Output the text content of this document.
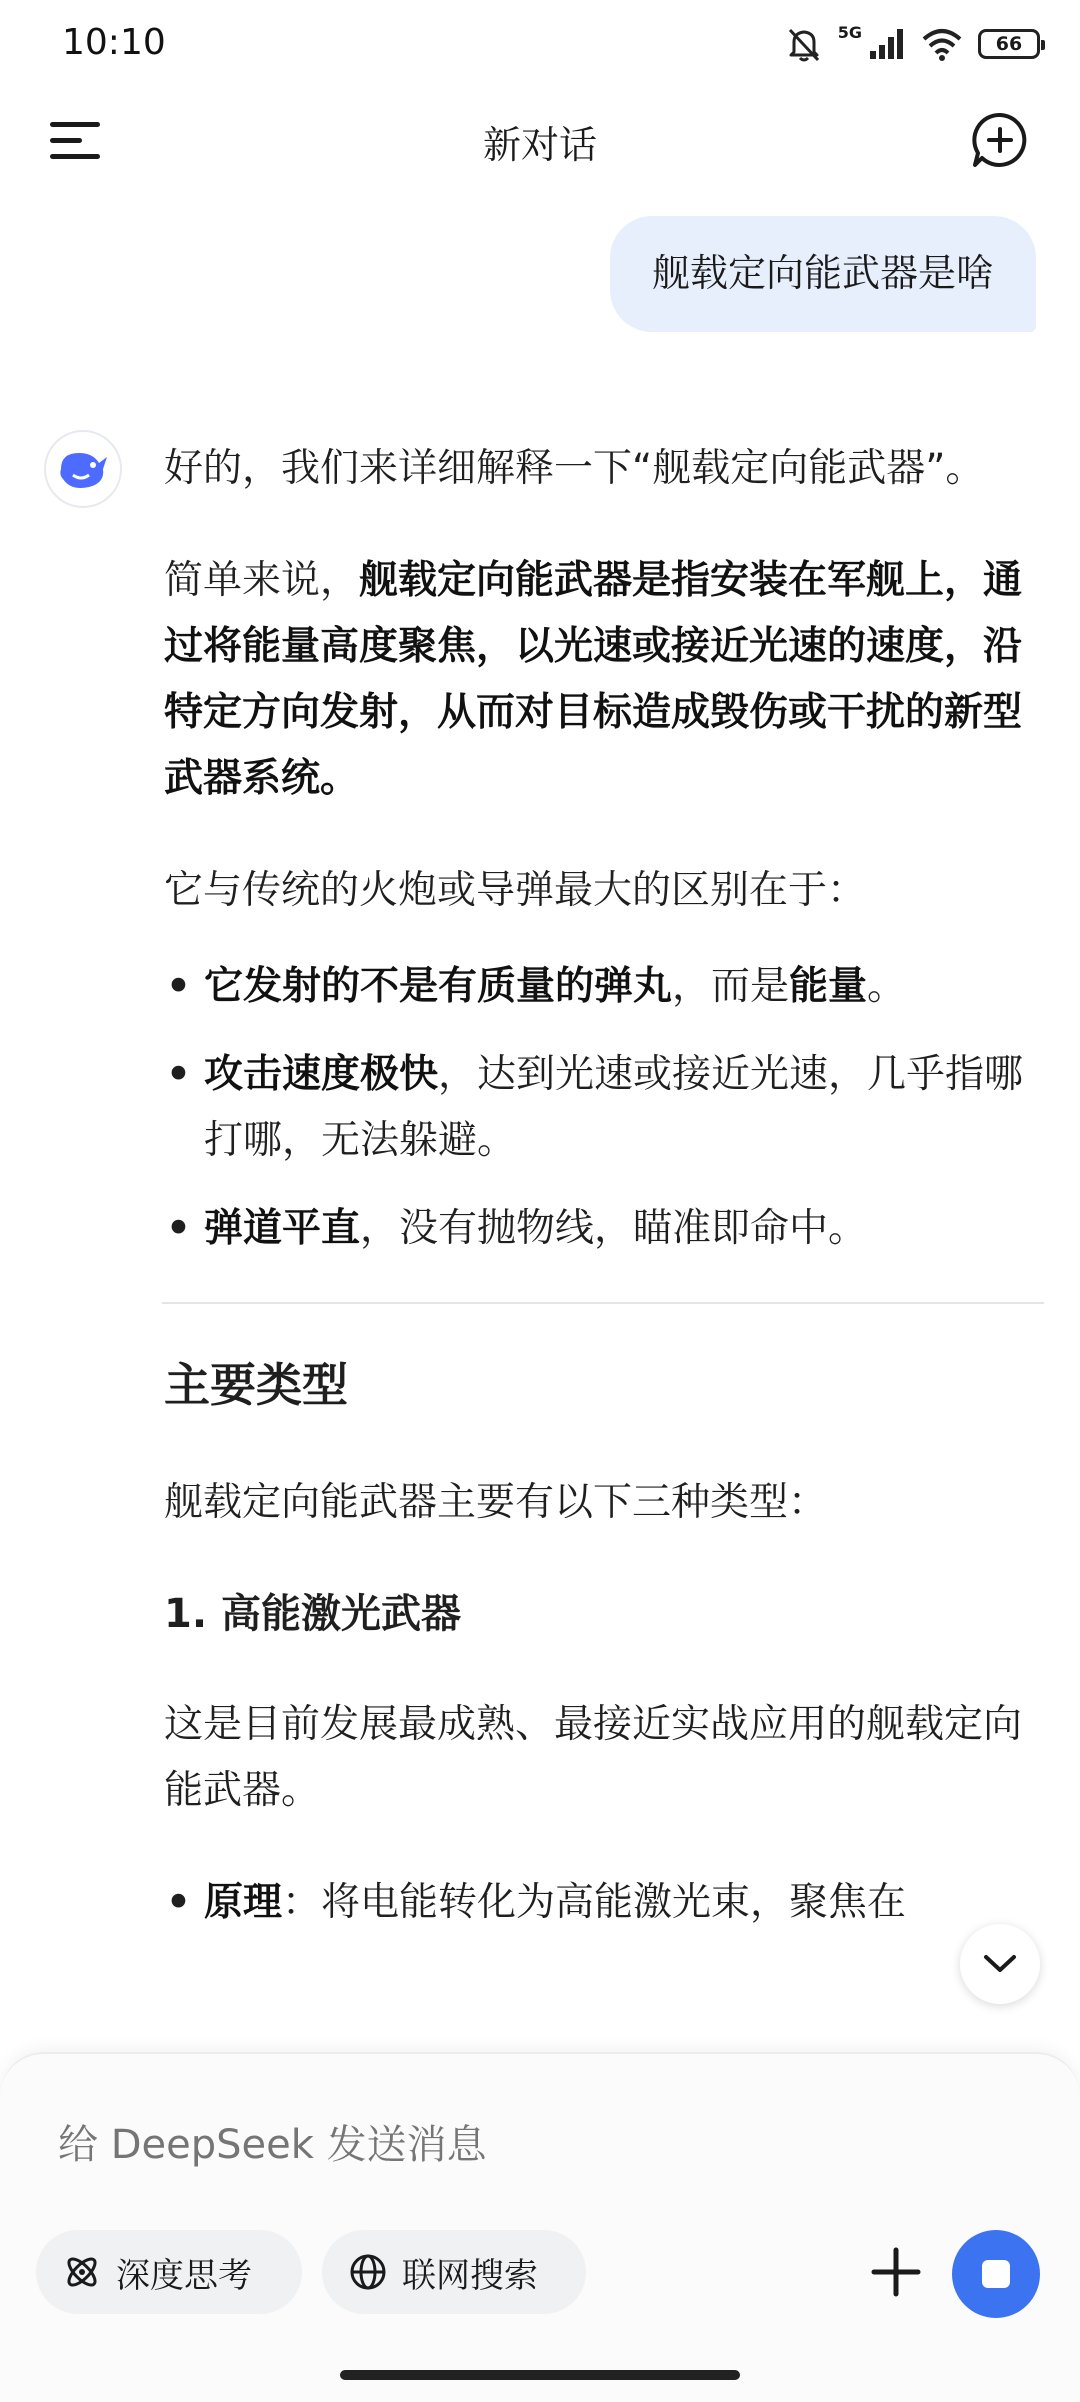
10:10	5G
66
新对话
舰载定向能武器是啥

好的，我们来详细解释一下“舰载定向能武器”。

简单来说，舰载定向能武器是指安装在军舰上，通过将能量高度聚焦，以光速或接近光速的速度，沿特定方向发射，从而对目标造成毁伤或干扰的新型武器系统。

它与传统的火炮或导弹最大的区别在于：

• 它发射的不是有质量的弹丸，而是能量。
• 攻击速度极快，达到光速或接近光速，几乎指哪打哪，无法躲避。
• 弹道平直，没有抛物线，瞄准即命中。
主要类型

舰载定向能武器主要有以下三种类型：

1. 高能激光武器

这是目前发展最成熟、最接近实战应用的舰载定向能武器。

• 原理：将电能转化为高能激光束，聚焦在
给 DeepSeek 发送消息
深度思考	联网搜索
